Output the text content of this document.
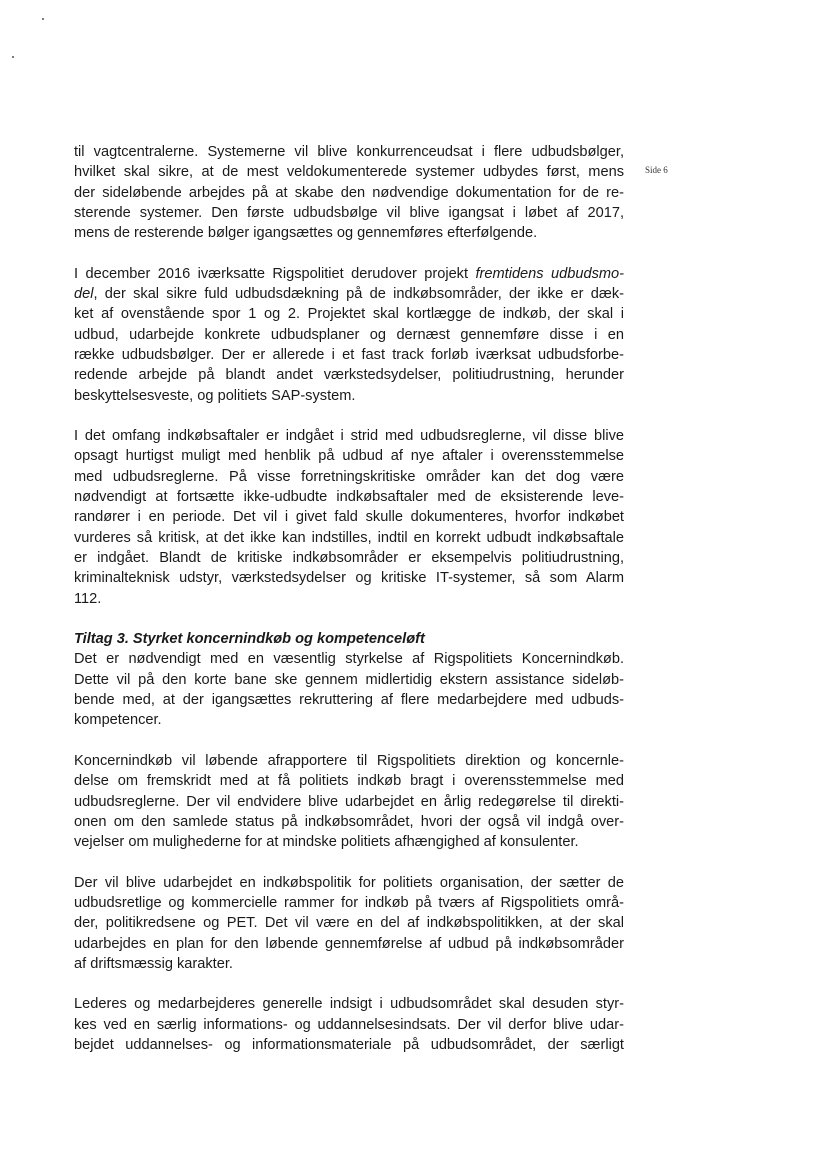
Side 6

til vagtcentralerne. Systemerne vil blive konkurrenceudsat i flere udbudsbølger,
hvilket skal sikre, at de mest veldokumenterede systemer udbydes først, mens
der sideløbende arbejdes på at skabe den nødvendige dokumentation for de re-
sterende systemer. Den første udbudsbølge vil blive igangsat i løbet af 2017,
mens de resterende bølger igangsættes og gennemføres efterfølgende.

I december 2016 iværksatte Rigspolitiet derudover projekt fremtidens udbudsmo-
del, der skal sikre fuld udbudsdækning på de indkøbsområder, der ikke er dæk-
ket af ovenstående spor 1 og 2. Projektet skal kortlægge de indkøb, der skal i
udbud, udarbejde konkrete udbudsplaner og dernæst gennemføre disse i en
række udbudsbølger. Der er allerede i et fast track forløb iværksat udbudsforbe-
redende arbejde på blandt andet værkstedsydelser, politiudrustning, herunder
beskyttelsesveste, og politiets SAP-system.

I det omfang indkøbsaftaler er indgået i strid med udbudsreglerne, vil disse blive
opsagt hurtigst muligt med henblik på udbud af nye aftaler i overensstemmelse
med udbudsreglerne. På visse forretningskritiske områder kan det dog være
nødvendigt at fortsætte ikke-udbudte indkøbsaftaler med de eksisterende leve-
randører i en periode. Det vil i givet fald skulle dokumenteres, hvorfor indkøbet
vurderes så kritisk, at det ikke kan indstilles, indtil en korrekt udbudt indkøbsaftale
er indgået. Blandt de kritiske indkøbsområder er eksempelvis politiudrustning,
kriminalteknisk udstyr, værkstedsydelser og kritiske IT-systemer, så som Alarm
112.

Tiltag 3. Styrket koncernindkøb og kompetenceløft
Det er nødvendigt med en væsentlig styrkelse af Rigspolitiets Koncernindkøb.
Dette vil på den korte bane ske gennem midlertidig ekstern assistance sideløb-
bende med, at der igangsættes rekruttering af flere medarbejdere med udbuds-
kompetencer.

Koncernindkøb vil løbende afrapportere til Rigspolitiets direktion og koncernle-
delse om fremskridt med at få politiets indkøb bragt i overensstemmelse med
udbudsreglerne. Der vil endvidere blive udarbejdet en årlig redegørelse til direkti-
onen om den samlede status på indkøbsområdet, hvori der også vil indgå over-
vejelser om mulighederne for at mindske politiets afhængighed af konsulenter.

Der vil blive udarbejdet en indkøbspolitik for politiets organisation, der sætter de
udbudsretlige og kommercielle rammer for indkøb på tværs af Rigspolitiets områ-
der, politikredsene og PET. Det vil være en del af indkøbspolitikken, at der skal
udarbejdes en plan for den løbende gennemførelse af udbud på indkøbsområder
af driftsmæssig karakter.

Lederes og medarbejderes generelle indsigt i udbudsområdet skal desuden styr-
kes ved en særlig informations- og uddannelsesindsats. Der vil derfor blive udar-
bejdet uddannelses- og informationsmateriale på udbudsområdet, der særligt
